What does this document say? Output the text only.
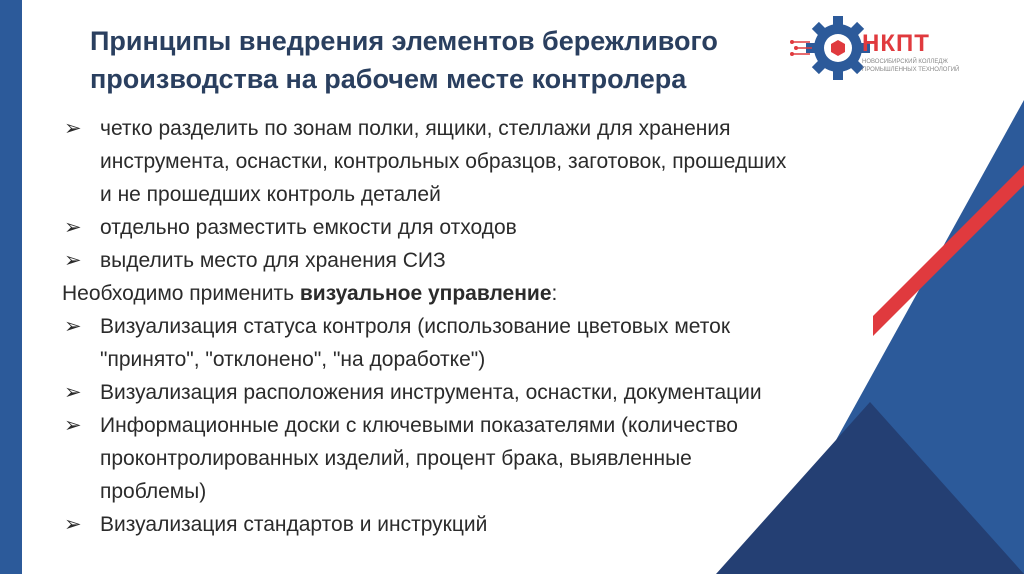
Принципы внедрения элементов бережливого
производства на рабочем месте контролера
НКПТ
НОВОСИБИРСКИЙ КОЛЛЕДЖ
ПРОМЫШЛЕННЫХ ТЕХНОЛОГИЙ
➢ четко разделить по зонам полки, ящики, стеллажи для хранения
инструмента, оснастки, контрольных образцов, заготовок, прошедших
и не прошедших контроль деталей
➢ отдельно разместить емкости для отходов
➢ выделить место для хранения СИЗ
Необходимо применить визуальное управление:
➢ Визуализация статуса контроля (использование цветовых меток
"принято", "отклонено", "на доработке")
➢ Визуализация расположения инструмента, оснастки, документации
➢ Информационные доски с ключевыми показателями (количество
проконтролированных изделий, процент брака, выявленные
проблемы)
➢ Визуализация стандартов и инструкций
